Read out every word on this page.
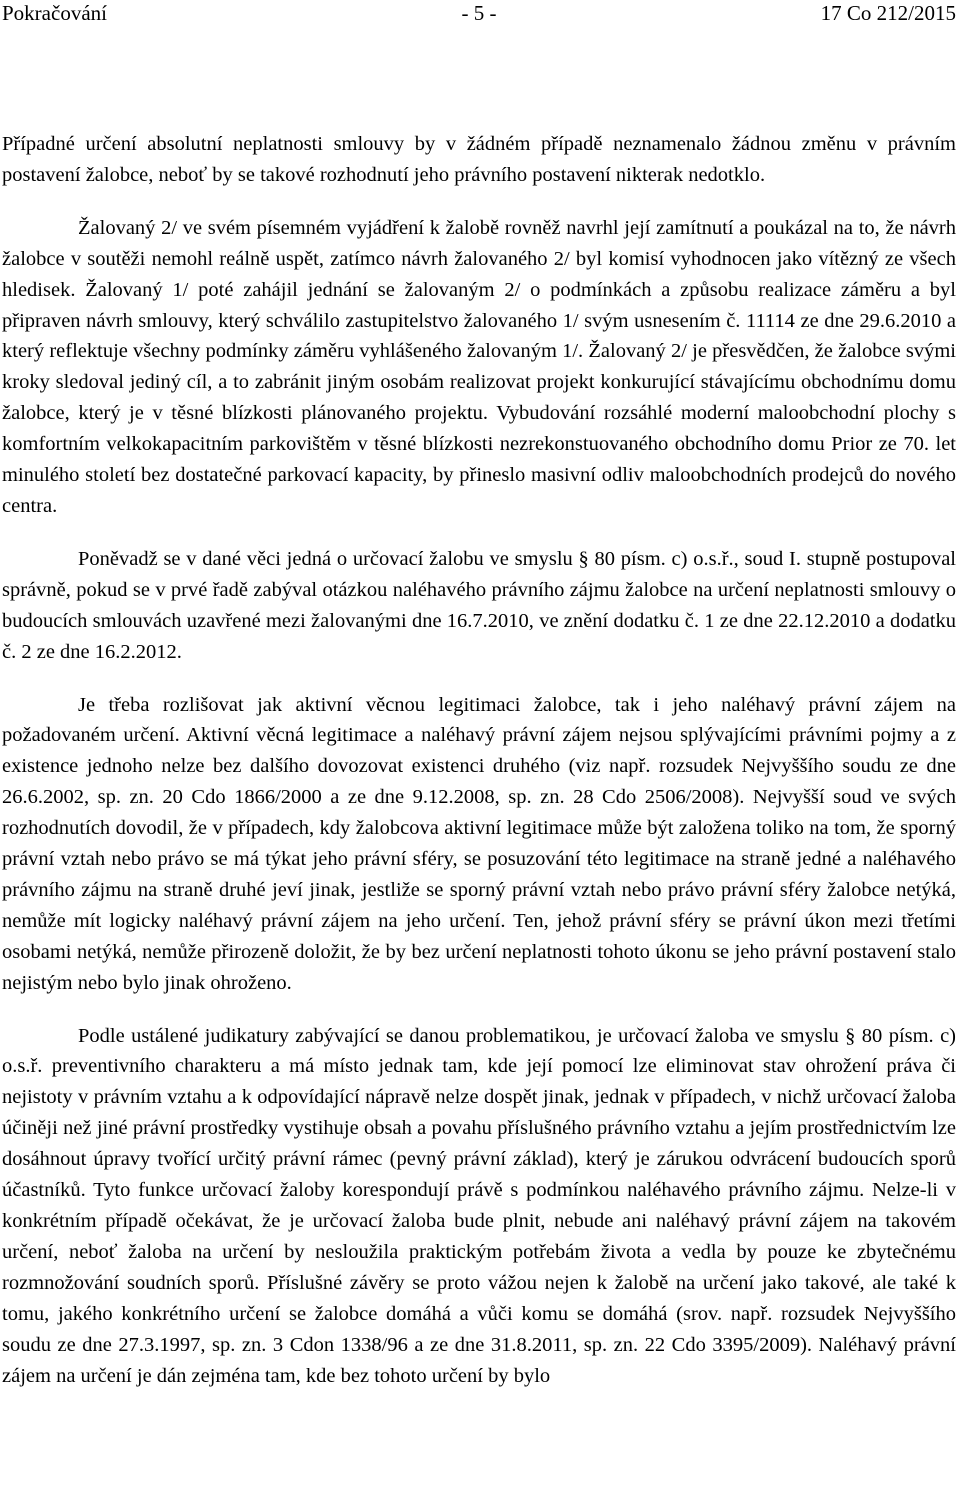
Pokračování	- 5 -	17 Co 212/2015

Případné určení absolutní neplatnosti smlouvy by v žádném případě neznamenalo žádnou změnu v právním postavení žalobce, neboť by se takové rozhodnutí jeho právního postavení nikterak nedotklo.

Žalovaný 2/ ve svém písemném vyjádření k žalobě rovněž navrhl její zamítnutí a poukázal na to, že návrh žalobce v soutěži nemohl reálně uspět, zatímco návrh žalovaného 2/ byl komisí vyhodnocen jako vítězný ze všech hledisek. Žalovaný 1/ poté zahájil jednání se žalovaným 2/ o podmínkách a způsobu realizace záměru a byl připraven návrh smlouvy, který schválilo zastupitelstvo žalovaného 1/ svým usnesením č. 11114 ze dne 29.6.2010 a který reflektuje všechny podmínky záměru vyhlášeného žalovaným 1/. Žalovaný 2/ je přesvědčen, že žalobce svými kroky sledoval jediný cíl, a to zabránit jiným osobám realizovat projekt konkurující stávajícímu obchodnímu domu žalobce, který je v těsné blízkosti plánovaného projektu. Vybudování rozsáhlé moderní maloobchodní plochy s komfortním velkokapacitním parkovištěm v těsné blízkosti nezrekonstuovaného obchodního domu Prior ze 70. let minulého století bez dostatečné parkovací kapacity, by přineslo masivní odliv maloobchodních prodejců do nového centra.

Poněvadž se v dané věci jedná o určovací žalobu ve smyslu § 80 písm. c) o.s.ř., soud I. stupně postupoval správně, pokud se v prvé řadě zabýval otázkou naléhavého právního zájmu žalobce na určení neplatnosti smlouvy o budoucích smlouvách uzavřené mezi žalovanými dne 16.7.2010, ve znění dodatku č. 1 ze dne 22.12.2010 a dodatku č. 2 ze dne 16.2.2012.

Je třeba rozlišovat jak aktivní věcnou legitimaci žalobce, tak i jeho naléhavý právní zájem na požadovaném určení. Aktivní věcná legitimace a naléhavý právní zájem nejsou splývajícími právními pojmy a z existence jednoho nelze bez dalšího dovozovat existenci druhého (viz např. rozsudek Nejvyššího soudu ze dne 26.6.2002, sp. zn. 20 Cdo 1866/2000 a ze dne 9.12.2008, sp. zn. 28 Cdo 2506/2008). Nejvyšší soud ve svých rozhodnutích dovodil, že v případech, kdy žalobcova aktivní legitimace může být založena toliko na tom, že sporný právní vztah nebo právo se má týkat jeho právní sféry, se posuzování této legitimace na straně jedné a naléhavého právního zájmu na straně druhé jeví jinak, jestliže se sporný právní vztah nebo právo právní sféry žalobce netýká, nemůže mít logicky naléhavý právní zájem na jeho určení. Ten, jehož právní sféry se právní úkon mezi třetími osobami netýká, nemůže přirozeně doložit, že by bez určení neplatnosti tohoto úkonu se jeho právní postavení stalo nejistým nebo bylo jinak ohroženo.

Podle ustálené judikatury zabývající se danou problematikou, je určovací žaloba ve smyslu § 80 písm. c) o.s.ř. preventivního charakteru a má místo jednak tam, kde její pomocí lze eliminovat stav ohrožení práva či nejistoty v právním vztahu a k odpovídající nápravě nelze dospět jinak, jednak v případech, v nichž určovací žaloba účiněji než jiné právní prostředky vystihuje obsah a povahu příslušného právního vztahu a jejím prostřednictvím lze dosáhnout úpravy tvořící určitý právní rámec (pevný právní základ), který je zárukou odvrácení budoucích sporů účastníků. Tyto funkce určovací žaloby korespondují právě s podmínkou naléhavého právního zájmu. Nelze-li v konkrétním případě očekávat, že je určovací žaloba bude plnit, nebude ani naléhavý právní zájem na takovém určení, neboť žaloba na určení by nesloužila praktickým potřebám života a vedla by pouze ke zbytečnému rozmnožování soudních sporů. Příslušné závěry se proto vážou nejen k žalobě na určení jako takové, ale také k tomu, jakého konkrétního určení se žalobce domáhá a vůči komu se domáhá (srov. např. rozsudek Nejvyššího soudu ze dne 27.3.1997, sp. zn. 3 Cdon 1338/96 a ze dne 31.8.2011, sp. zn. 22 Cdo 3395/2009). Naléhavý právní zájem na určení je dán zejména tam, kde bez tohoto určení by bylo
